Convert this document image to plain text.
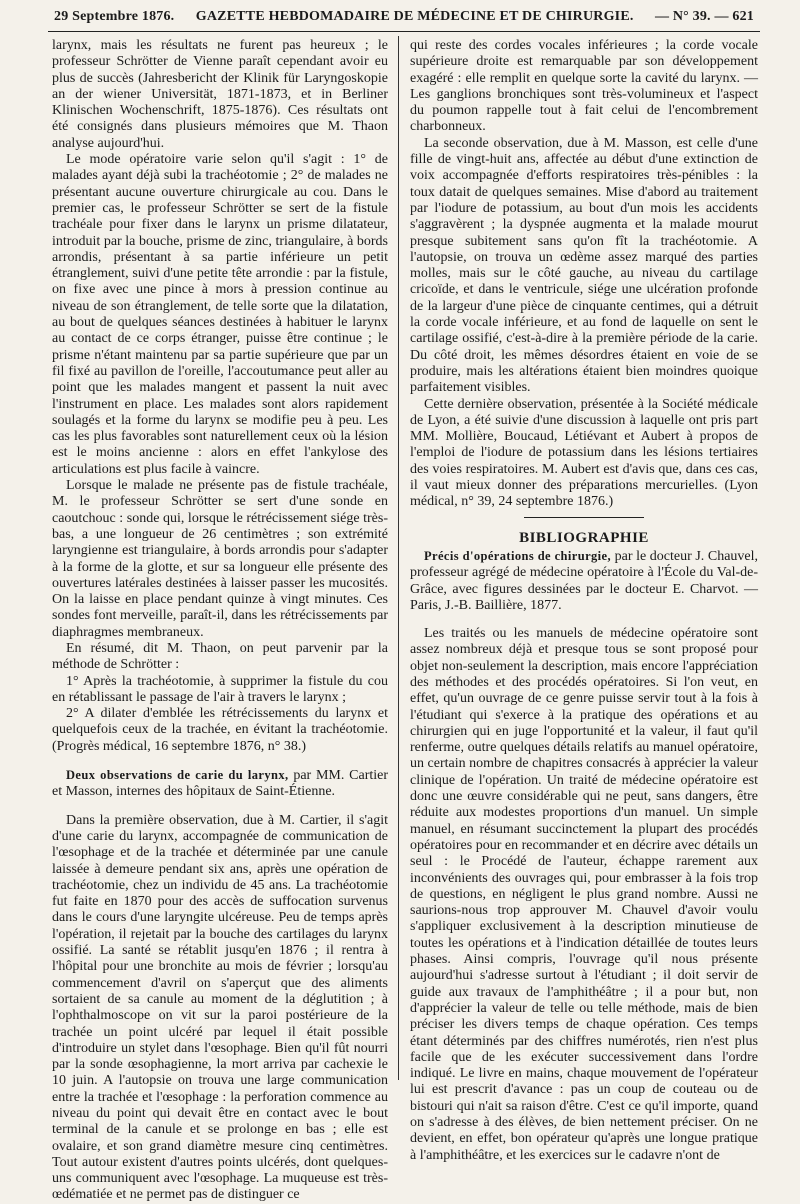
29 Septembre 1876. GAZETTE HEBDOMADAIRE DE MÉDECINE ET DE CHIRURGIE. — N° 39. — 621

larynx, mais les résultats ne furent pas heureux ; le professeur Schrötter de Vienne paraît cependant avoir eu plus de succès (Jahresbericht der Klinik für Laryngoskopie an der wiener Universität, 1871-1873, et in Berliner Klinischen Wochenschrift, 1875-1876). Ces résultats ont été consignés dans plusieurs mémoires que M. Thaon analyse aujourd'hui.

Le mode opératoire varie selon qu'il s'agit : 1° de malades ayant déjà subi la trachéotomie ; 2° de malades ne présentant aucune ouverture chirurgicale au cou. Dans le premier cas, le professeur Schrötter se sert de la fistule trachéale pour fixer dans le larynx un prisme dilatateur, introduit par la bouche, prisme de zinc, triangulaire, à bords arrondis, présentant à sa partie inférieure un petit étranglement, suivi d'une petite tête arrondie : par la fistule, on fixe avec une pince à mors à pression continue au niveau de son étranglement, de telle sorte que la dilatation, au bout de quelques séances destinées à habituer le larynx au contact de ce corps étranger, puisse être continue ; le prisme n'étant maintenu par sa partie supérieure que par un fil fixé au pavillon de l'oreille, l'accoutumance peut aller au point que les malades mangent et passent la nuit avec l'instrument en place. Les malades sont alors rapidement soulagés et la forme du larynx se modifie peu à peu. Les cas les plus favorables sont naturellement ceux où la lésion est le moins ancienne : alors en effet l'ankylose des articulations est plus facile à vaincre.

Lorsque le malade ne présente pas de fistule trachéale, M. le professeur Schrötter se sert d'une sonde en caoutchouc : sonde qui, lorsque le rétrécissement siége très-bas, a une longueur de 26 centimètres ; son extrémité laryngienne est triangulaire, à bords arrondis pour s'adapter à la forme de la glotte, et sur sa longueur elle présente des ouvertures latérales destinées à laisser passer les mucosités. On la laisse en place pendant quinze à vingt minutes. Ces sondes font merveille, paraît-il, dans les rétrécissements par diaphragmes membraneux.

En résumé, dit M. Thaon, on peut parvenir par la méthode de Schrötter :

1° Après la trachéotomie, à supprimer la fistule du cou en rétablissant le passage de l'air à travers le larynx ;

2° A dilater d'emblée les rétrécissements du larynx et quelquefois ceux de la trachée, en évitant la trachéotomie. (Progrès médical, 16 septembre 1876, n° 38.)

Deux observations de carie du larynx, par MM. Cartier et Masson, internes des hôpitaux de Saint-Étienne.

Dans la première observation, due à M. Cartier, il s'agit d'une carie du larynx, accompagnée de communication de l'œsophage et de la trachée et déterminée par une canule laissée à demeure pendant six ans, après une opération de trachéotomie, chez un individu de 45 ans. La trachéotomie fut faite en 1870 pour des accès de suffocation survenus dans le cours d'une laryngite ulcéreuse. Peu de temps après l'opération, il rejetait par la bouche des cartilages du larynx ossifié. La santé se rétablit jusqu'en 1876 ; il rentra à l'hôpital pour une bronchite au mois de février ; lorsqu'au commencement d'avril on s'aperçut que des aliments sortaient de sa canule au moment de la déglutition ; à l'ophthalmoscope on vit sur la paroi postérieure de la trachée un point ulcéré par lequel il était possible d'introduire un stylet dans l'œsophage. Bien qu'il fût nourri par la sonde œsophagienne, la mort arriva par cachexie le 10 juin. A l'autopsie on trouva une large communication entre la trachée et l'œsophage : la perforation commence au niveau du point qui devait être en contact avec le bout terminal de la canule et se prolonge en bas ; elle est ovalaire, et son grand diamètre mesure cinq centimètres. Tout autour existent d'autres points ulcérés, dont quelques-uns communiquent avec l'œsophage. La muqueuse est très-œdématiée et ne permet pas de distinguer ce

qui reste des cordes vocales inférieures ; la corde vocale supérieure droite est remarquable par son développement exagéré : elle remplit en quelque sorte la cavité du larynx. — Les ganglions bronchiques sont très-volumineux et l'aspect du poumon rappelle tout à fait celui de l'encombrement charbonneux.

La seconde observation, due à M. Masson, est celle d'une fille de vingt-huit ans, affectée au début d'une extinction de voix accompagnée d'efforts respiratoires très-pénibles : la toux datait de quelques semaines. Mise d'abord au traitement par l'iodure de potassium, au bout d'un mois les accidents s'aggravèrent ; la dyspnée augmenta et la malade mourut presque subitement sans qu'on fît la trachéotomie. A l'autopsie, on trouva un œdème assez marqué des parties molles, mais sur le côté gauche, au niveau du cartilage cricoïde, et dans le ventricule, siége une ulcération profonde de la largeur d'une pièce de cinquante centimes, qui a détruit la corde vocale inférieure, et au fond de laquelle on sent le cartilage ossifié, c'est-à-dire à la première période de la carie. Du côté droit, les mêmes désordres étaient en voie de se produire, mais les altérations étaient bien moindres quoique parfaitement visibles.

Cette dernière observation, présentée à la Société médicale de Lyon, a été suivie d'une discussion à laquelle ont pris part MM. Mollière, Boucaud, Létiévant et Aubert à propos de l'emploi de l'iodure de potassium dans les lésions tertiaires des voies respiratoires. M. Aubert est d'avis que, dans ces cas, il vaut mieux donner des préparations mercurielles. (Lyon médical, n° 39, 24 septembre 1876.)

BIBLIOGRAPHIE

Précis d'opérations de chirurgie, par le docteur J. Chauvel, professeur agrégé de médecine opératoire à l'École du Val-de-Grâce, avec figures dessinées par le docteur E. Charvot. — Paris, J.-B. Baillière, 1877.

Les traités ou les manuels de médecine opératoire sont assez nombreux déjà et presque tous se sont proposé pour objet non-seulement la description, mais encore l'appréciation des méthodes et des procédés opératoires. Si l'on veut, en effet, qu'un ouvrage de ce genre puisse servir tout à la fois à l'étudiant qui s'exerce à la pratique des opérations et au chirurgien qui en juge l'opportunité et la valeur, il faut qu'il renferme, outre quelques détails relatifs au manuel opératoire, un certain nombre de chapitres consacrés à apprécier la valeur clinique de l'opération. Un traité de médecine opératoire est donc une œuvre considérable qui ne peut, sans dangers, être réduite aux modestes proportions d'un manuel. Un simple manuel, en résumant succinctement la plupart des procédés opératoires pour en recommander et en décrire avec détails un seul : le Procédé de l'auteur, échappe rarement aux inconvénients des ouvrages qui, pour embrasser à la fois trop de questions, en négligent le plus grand nombre. Aussi ne saurions-nous trop approuver M. Chauvel d'avoir voulu s'appliquer exclusivement à la description minutieuse de toutes les opérations et à l'indication détaillée de toutes leurs phases. Ainsi compris, l'ouvrage qu'il nous présente aujourd'hui s'adresse surtout à l'étudiant ; il doit servir de guide aux travaux de l'amphithéâtre ; il a pour but, non d'apprécier la valeur de telle ou telle méthode, mais de bien préciser les divers temps de chaque opération. Ces temps étant déterminés par des chiffres numérotés, rien n'est plus facile que de les exécuter successivement dans l'ordre indiqué. Le livre en mains, chaque mouvement de l'opérateur lui est prescrit d'avance : pas un coup de couteau ou de bistouri qui n'ait sa raison d'être. C'est ce qu'il importe, quand on s'adresse à des élèves, de bien nettement préciser. On ne devient, en effet, bon opérateur qu'après une longue pratique à l'amphithéâtre, et les exercices sur le cadavre n'ont de
